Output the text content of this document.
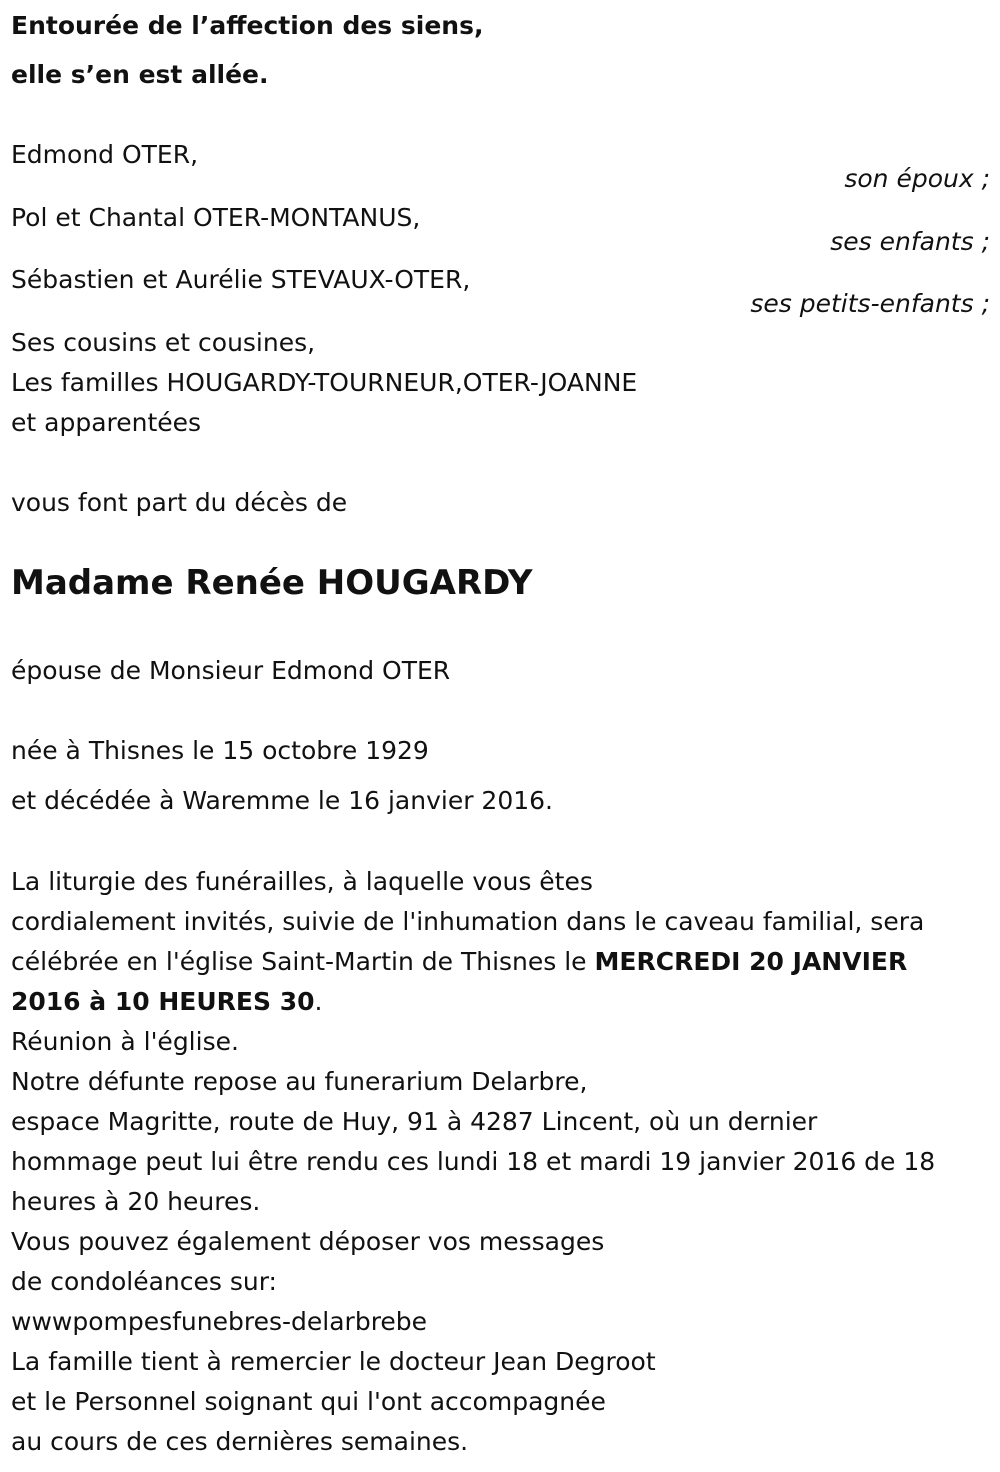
Entourée de l’affection des siens,
elle s’en est allée.
Edmond OTER,
son époux ;
Pol et Chantal OTER-MONTANUS,
ses enfants ;
Sébastien et Aurélie STEVAUX-OTER,
ses petits-enfants ;
Ses cousins et cousines,
Les familles HOUGARDY-TOURNEUR,OTER-JOANNE
et apparentées
vous font part du décès de
Madame Renée HOUGARDY
épouse de Monsieur Edmond OTER
née à Thisnes le 15 octobre 1929
et décédée à Waremme le 16 janvier 2016.
La liturgie des funérailles, à laquelle vous êtes
cordialement invités, suivie de l'inhumation dans le caveau familial, sera
célébrée en l'église Saint-Martin de Thisnes le MERCREDI 20 JANVIER
2016 à 10 HEURES 30.
Réunion à l'église.
Notre défunte repose au funerarium Delarbre,
espace Magritte, route de Huy, 91 à 4287 Lincent, où un dernier
hommage peut lui être rendu ces lundi 18 et mardi 19 janvier 2016 de 18
heures à 20 heures.
Vous pouvez également déposer vos messages
de condoléances sur:
wwwpompesfunebres-delarbrebe
La famille tient à remercier le docteur Jean Degroot
et le Personnel soignant qui l'ont accompagnée
au cours de ces dernières semaines.
